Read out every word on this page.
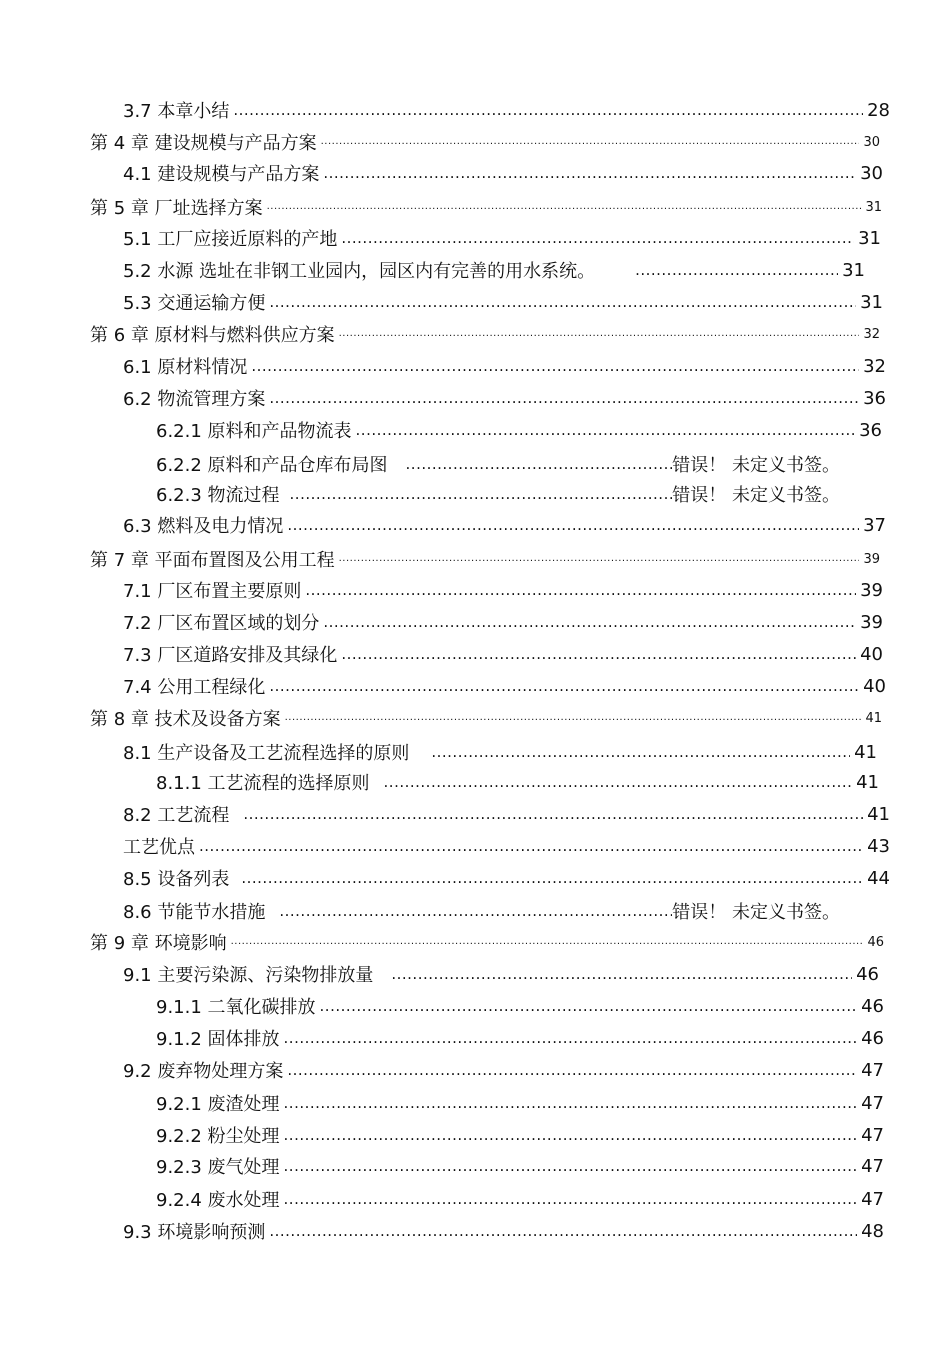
3.7 本章小结 .....	28
第 4 章 建设规模与产品方案 .....	30
4.1 建设规模与产品方案 .....	30
第 5 章 厂址选择方案 .....	31
5.1 工厂应接近原料的产地 .....	31
5.2 水源 选址在非钢工业园内，园区内有完善的用水系统。 .....	31
5.3 交通运输方便 .....	31
第 6 章 原材料与燃料供应方案 .....	32
6.1 原材料情况 .....	32
6.2 物流管理方案 .....	36
6.2.1 原料和产品物流表 .....	36
6.2.2 原料和产品仓库布局图 .....	错误！ 未定义书签。
6.2.3 物流过程 .....	错误！ 未定义书签。
6.3 燃料及电力情况 .....	37
第 7 章 平面布置图及公用工程 .....	39
7.1 厂区布置主要原则 .....	39
7.2 厂区布置区域的划分 .....	39
7.3 厂区道路安排及其绿化 .....	40
7.4 公用工程绿化 .....	40
第 8 章 技术及设备方案 .....	41
8.1 生产设备及工艺流程选择的原则 .....	41
8.1.1 工艺流程的选择原则 .....	41
8.2 工艺流程 .....	41
工艺优点 .....	43
8.5 设备列表 .....	44
8.6 节能节水措施 .....	错误！ 未定义书签。
第 9 章 环境影响 .....	46
9.1 主要污染源、污染物排放量 .....	46
9.1.1 二氧化碳排放 .....	46
9.1.2 固体排放 .....	46
9.2 废弃物处理方案 .....	47
9.2.1 废渣处理 .....	47
9.2.2 粉尘处理 .....	47
9.2.3 废气处理 .....	47
9.2.4 废水处理 .....	47
9.3 环境影响预测 .....	48
